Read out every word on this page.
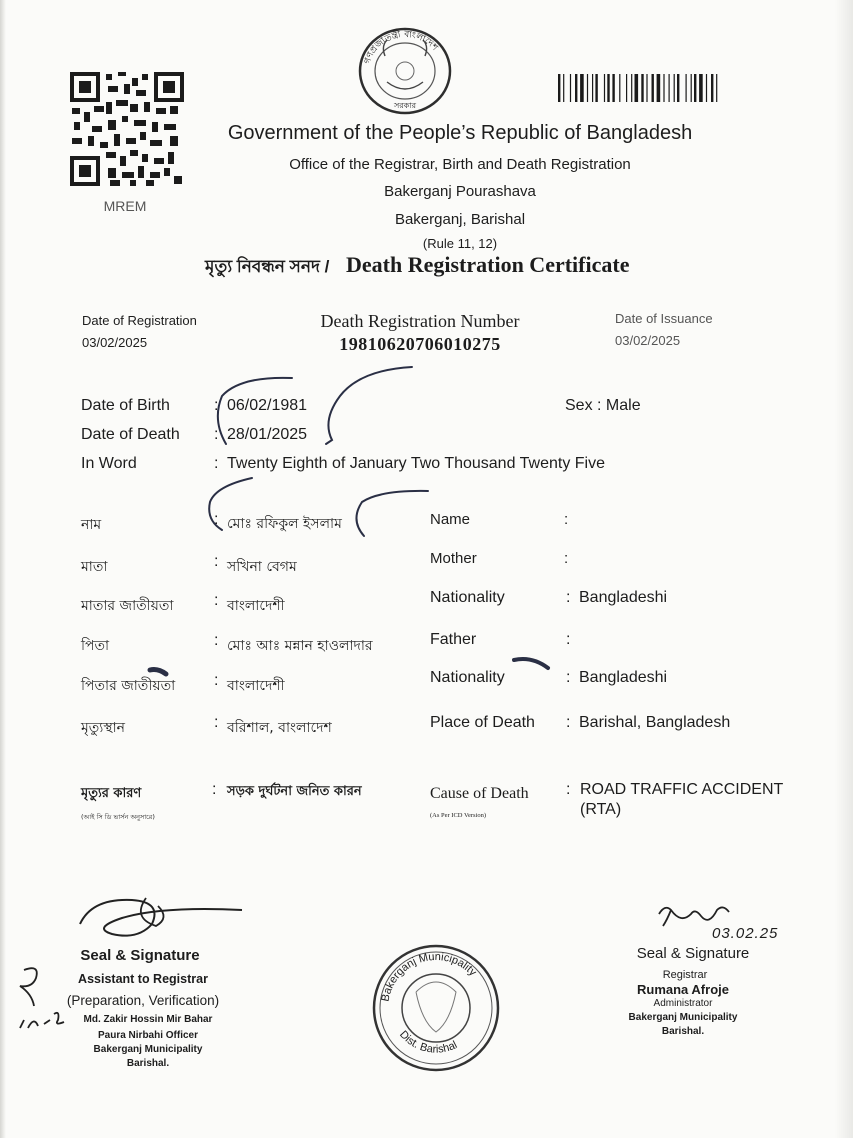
MREM
গণপ্রজাতন্ত্রী বাংলাদেশ
সরকার
Government of the People’s Republic of Bangladesh
Office of the Registrar, Birth and Death Registration
Bakerganj Pourashava
Bakerganj, Barishal
(Rule 11, 12)
মৃত্যু নিবন্ধন সনদ / Death Registration Certificate
Date of Registration
03/02/2025
Death Registration Number
19810620706010275
Date of Issuance
03/02/2025
Date of Birth	: 06/02/1981
Date of Death : 28/01/2025
In Word	: Twenty Eighth of January Two Thousand Twenty Five
Sex : Male
নাম	: মোঃ রফিকুল ইসলাম
মাতা	: সখিনা বেগম
মাতার জাতীয়তা	: বাংলাদেশী
পিতা	: মোঃ আঃ মন্নান হাওলাদার
পিতার জাতীয়তা : বাংলাদেশী
মৃত্যুস্থান	: বরিশাল, বাংলাদেশ
মৃত্যুর কারণ
(আই সি ডি ভার্সন অনুসারে)
: সড়ক দুর্ঘটনা জনিত কারন
Name	:
Mother	:
Nationality	: Bangladeshi
Father	:
Nationality	: Bangladeshi
Place of Death : Barishal, Bangladesh
Cause of Death
(As Per ICD Version)
: ROAD TRAFFIC ACCIDENT
(RTA)
Seal & Signature
Assistant to Registrar
(Preparation, Verification)
Md. Zakir Hossin Mir Bahar
Paura Nirbahi Officer
Bakerganj Municipality
Barishal.
Bakerganj Municipality
Dist. Barishal
03.02.25
Seal & Signature
Registrar
Rumana Afroje
Administrator
Bakerganj Municipality
Barishal.
